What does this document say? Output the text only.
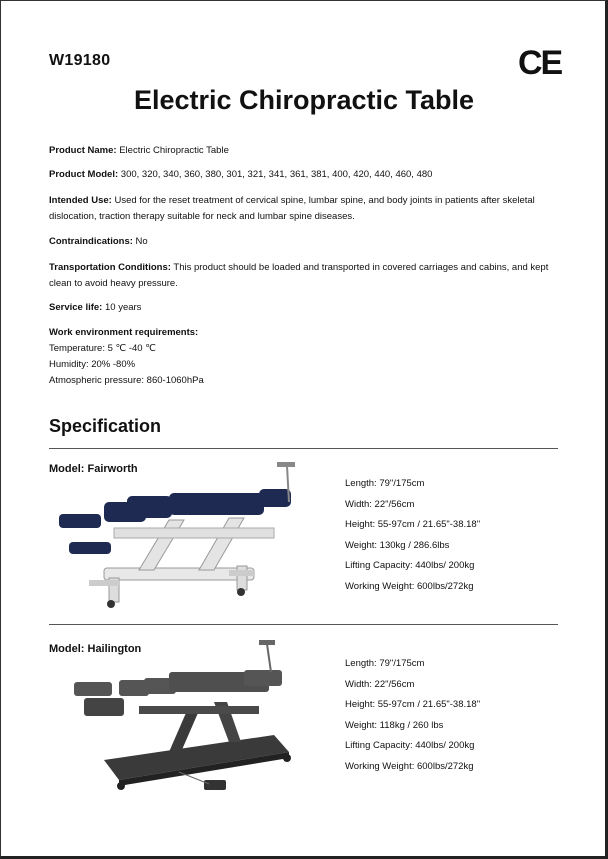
W19180	CE
Electric Chiropractic Table
Product Name: Electric Chiropractic Table
Product Model: 300, 320, 340, 360, 380, 301, 321, 341, 361, 381, 400, 420, 440, 460, 480
Intended Use: Used for the reset treatment of cervical spine, lumbar spine, and body joints in patients after skeletal dislocation, traction therapy suitable for neck and lumbar spine diseases.
Contraindications: No
Transportation Conditions: This product should be loaded and transported in covered carriages and cabins, and kept clean to avoid heavy pressure.
Service life: 10 years
Work environment requirements:
Temperature: 5 ℃ -40 ℃
Humidity: 20% -80%
Atmospheric pressure: 860-1060hPa
Specification
Model: Fairworth
Length: 79"/175cm
Width: 22"/56cm
Height: 55-97cm / 21.65"-38.18"
Weight: 130kg / 286.6lbs
Lifting Capacity: 440lbs/ 200kg
Working Weight: 600lbs/272kg
Model: Hailington
Length: 79"/175cm
Width: 22"/56cm
Height: 55-97cm / 21.65"-38.18"
Weight: 118kg / 260 lbs
Lifting Capacity: 440lbs/ 200kg
Working Weight: 600lbs/272kg
